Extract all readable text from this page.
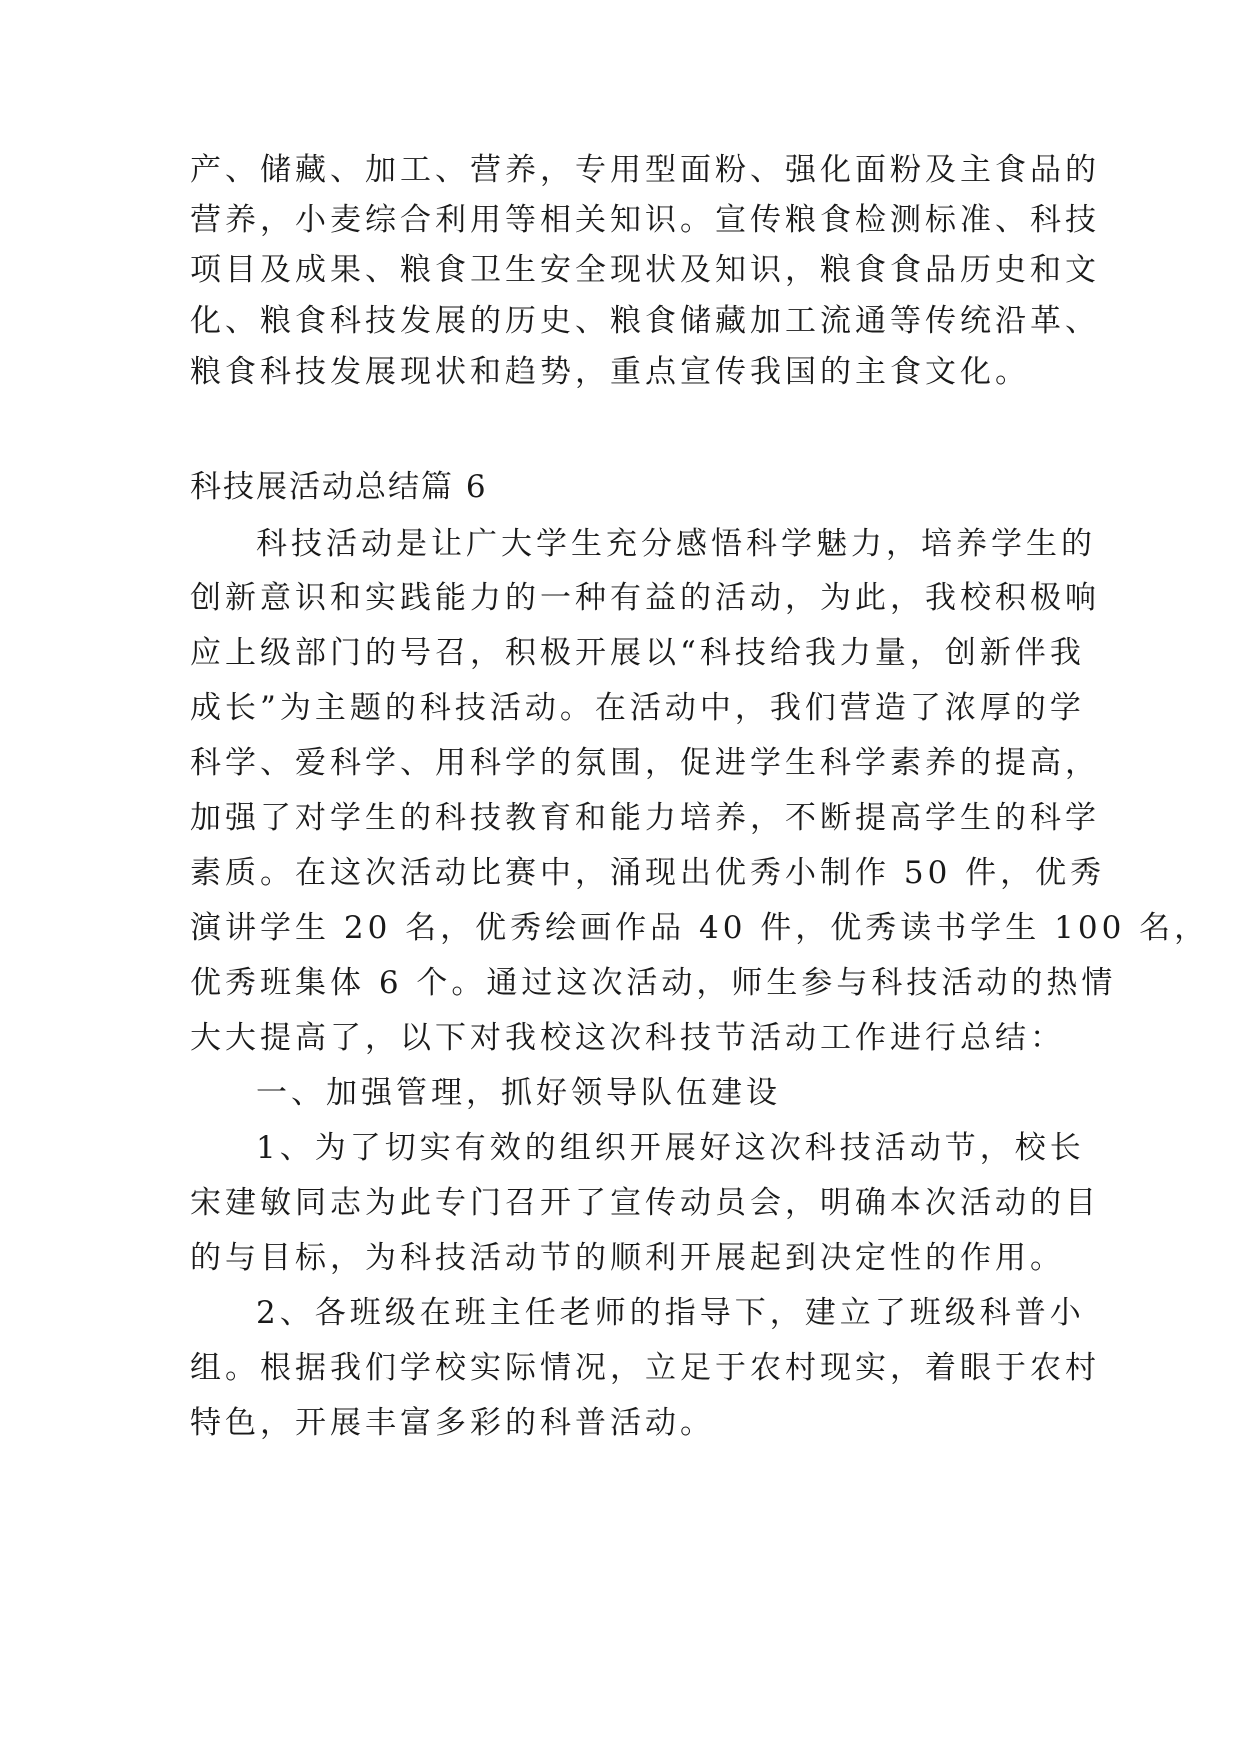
产、储藏、加工、营养，专用型面粉、强化面粉及主食品的
营养，小麦综合利用等相关知识。宣传粮食检测标准、科技
项目及成果、粮食卫生安全现状及知识，粮食食品历史和文
化、粮食科技发展的历史、粮食储藏加工流通等传统沿革、
粮食科技发展现状和趋势，重点宣传我国的主食文化。
科技展活动总结篇 6
科技活动是让广大学生充分感悟科学魅力，培养学生的
创新意识和实践能力的一种有益的活动，为此，我校积极响
应上级部门的号召，积极开展以“科技给我力量，创新伴我
成长”为主题的科技活动。在活动中，我们营造了浓厚的学
科学、爱科学、用科学的氛围，促进学生科学素养的提高，
加强了对学生的科技教育和能力培养，不断提高学生的科学
素质。在这次活动比赛中，涌现出优秀小制作 50 件，优秀
演讲学生 20 名，优秀绘画作品 40 件，优秀读书学生 100 名，
优秀班集体 6 个。通过这次活动，师生参与科技活动的热情
大大提高了，以下对我校这次科技节活动工作进行总结：
一、加强管理，抓好领导队伍建设
1、为了切实有效的组织开展好这次科技活动节，校长
宋建敏同志为此专门召开了宣传动员会，明确本次活动的目
的与目标，为科技活动节的顺利开展起到决定性的作用。
2、各班级在班主任老师的指导下，建立了班级科普小
组。根据我们学校实际情况，立足于农村现实，着眼于农村
特色，开展丰富多彩的科普活动。
